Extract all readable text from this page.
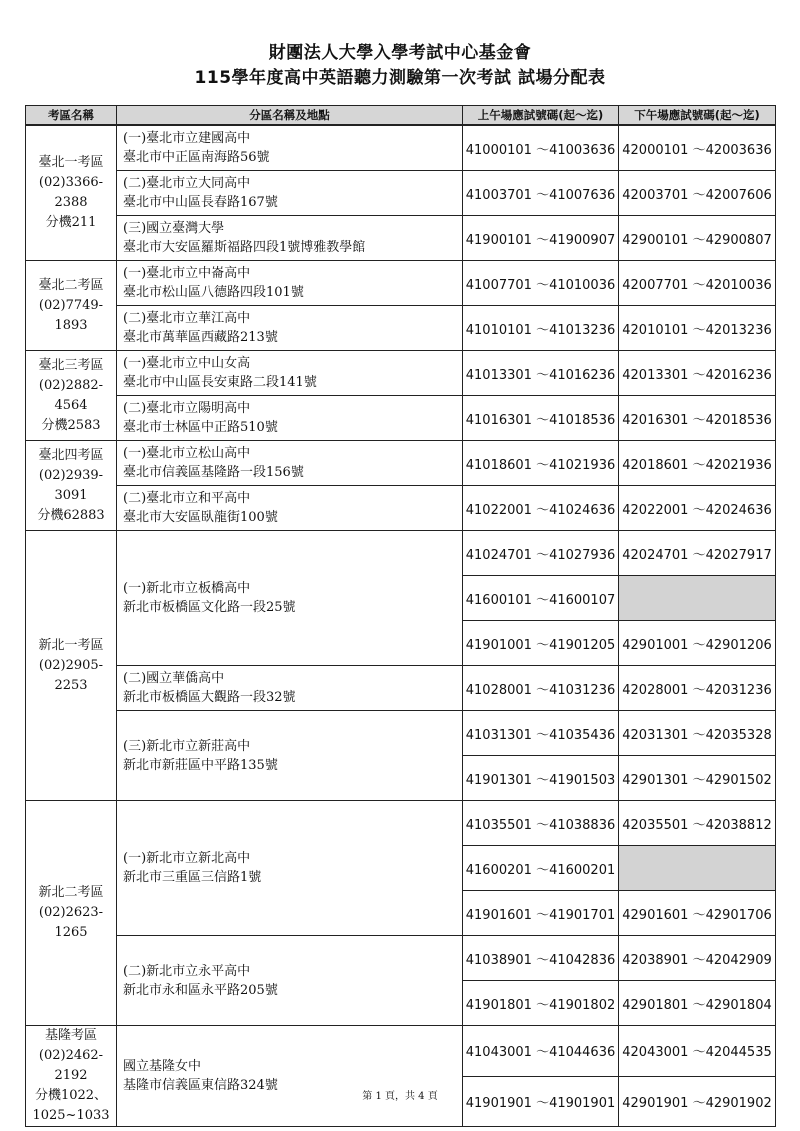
財團法人大學入學考試中心基金會
115學年度高中英語聽力測驗第一次考試 試場分配表
考區名稱	分區名稱及地點	上午場應試號碼(起～迄)	下午場應試號碼(起～迄)

臺北一考區
(02)3366-2388
分機211	(一)臺北市立建國高中
臺北市中正區南海路56號	41000101 ～41003636	42000101 ～42003636

	(二)臺北市立大同高中
臺北市中山區長春路167號	41003701 ～41007636	42003701 ～42007606

	(三)國立臺灣大學
臺北市大安區羅斯福路四段1號博雅教學館	41900101 ～41900907	42900101 ～42900807

臺北二考區
(02)7749-1893	(一)臺北市立中崙高中
臺北市松山區八德路四段101號	41007701 ～41010036	42007701 ～42010036

	(二)臺北市立華江高中
臺北市萬華區西藏路213號	41010101 ～41013236	42010101 ～42013236

臺北三考區
(02)2882-4564
分機2583	(一)臺北市立中山女高
臺北市中山區長安東路二段141號	41013301 ～41016236	42013301 ～42016236

	(二)臺北市立陽明高中
臺北市士林區中正路510號	41016301 ～41018536	42016301 ～42018536

臺北四考區
(02)2939-3091
分機62883	(一)臺北市立松山高中
臺北市信義區基隆路一段156號	41018601 ～41021936	42018601 ～42021936

	(二)臺北市立和平高中
臺北市大安區臥龍街100號	41022001 ～41024636	42022001 ～42024636

新北一考區
(02)2905-2253	(一)新北市立板橋高中
新北市板橋區文化路一段25號	41024701 ～41027936	42024701 ～42027917
		41600101 ～41600107	
		41901001 ～41901205	42901001 ～42901206

	(二)國立華僑高中
新北市板橋區大觀路一段32號	41028001 ～41031236	42028001 ～42031236

	(三)新北市立新莊高中
新北市新莊區中平路135號	41031301 ～41035436	42031301 ～42035328
		41901301 ～41901503	42901301 ～42901502

新北二考區
(02)2623-1265	(一)新北市立新北高中
新北市三重區三信路1號	41035501 ～41038836	42035501 ～42038812
		41600201 ～41600201	
		41901601 ～41901701	42901601 ～42901706

	(二)新北市立永平高中
新北市永和區永平路205號	41038901 ～41042836	42038901 ～42042909
		41901801 ～41901802	42901801 ～42901804

基隆考區
(02)2462-2192
分機1022、
1025~1033	國立基隆女中
基隆市信義區東信路324號	41043001 ～41044636	42043001 ～42044535
		41901901 ～41901901	42901901 ～42901902
第 1 頁，共 4 頁
